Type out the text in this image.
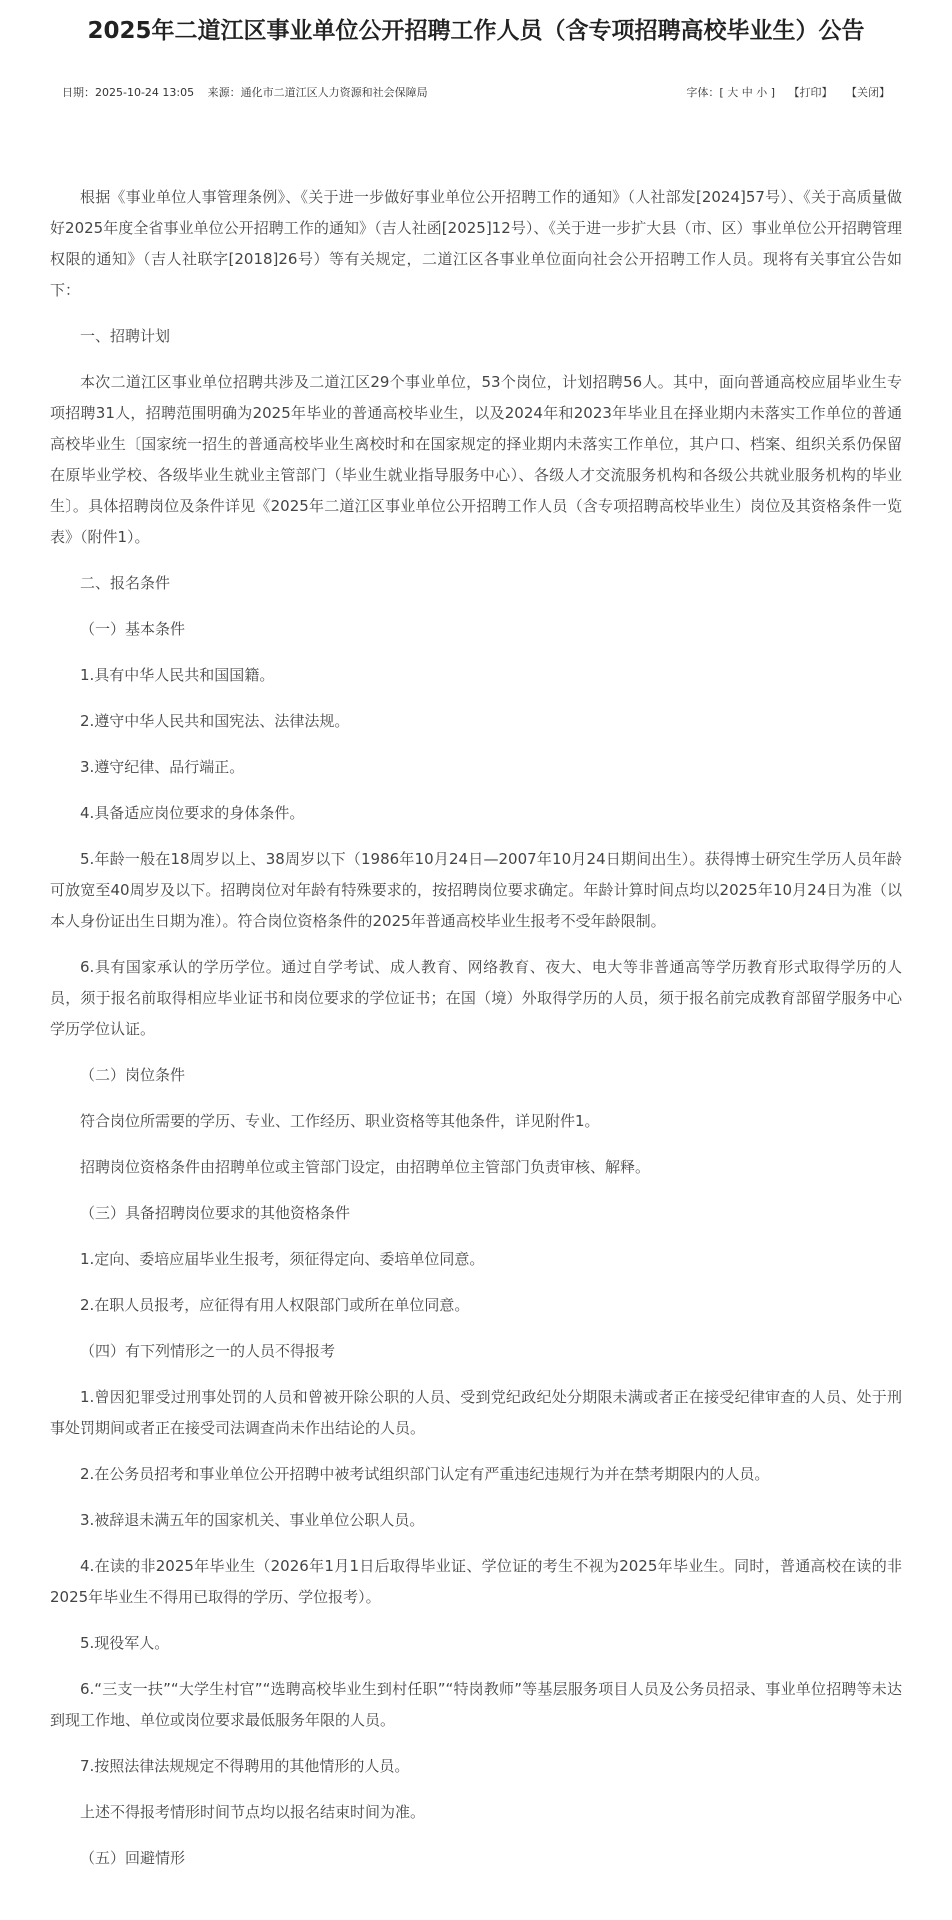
2025年二道江区事业单位公开招聘工作人员（含专项招聘高校毕业生）公告
日期：2025-10-24 13:05 来源：通化市二道江区人力资源和社会保障局	字体：[ 大 中 小 ] 【打印】 【关闭】

根据《事业单位人事管理条例》、《关于进一步做好事业单位公开招聘工作的通知》（人社部发[2024]57号）、《关于高质量做好2025年度全省事业单位公开招聘工作的通知》（吉人社函[2025]12号）、《关于进一步扩大县（市、区）事业单位公开招聘管理权限的通知》（吉人社联字[2018]26号）等有关规定，二道江区各事业单位面向社会公开招聘工作人员。现将有关事宜公告如下：

一、招聘计划

本次二道江区事业单位招聘共涉及二道江区29个事业单位，53个岗位，计划招聘56人。其中，面向普通高校应届毕业生专项招聘31人，招聘范围明确为2025年毕业的普通高校毕业生，以及2024年和2023年毕业且在择业期内未落实工作单位的普通高校毕业生〔国家统一招生的普通高校毕业生离校时和在国家规定的择业期内未落实工作单位，其户口、档案、组织关系仍保留在原毕业学校、各级毕业生就业主管部门（毕业生就业指导服务中心）、各级人才交流服务机构和各级公共就业服务机构的毕业生〕。具体招聘岗位及条件详见《2025年二道江区事业单位公开招聘工作人员（含专项招聘高校毕业生）岗位及其资格条件一览表》（附件1）。

二、报名条件

（一）基本条件

1.具有中华人民共和国国籍。

2.遵守中华人民共和国宪法、法律法规。

3.遵守纪律、品行端正。

4.具备适应岗位要求的身体条件。

5.年龄一般在18周岁以上、38周岁以下（1986年10月24日—2007年10月24日期间出生）。获得博士研究生学历人员年龄可放宽至40周岁及以下。招聘岗位对年龄有特殊要求的，按招聘岗位要求确定。年龄计算时间点均以2025年10月24日为准（以本人身份证出生日期为准）。符合岗位资格条件的2025年普通高校毕业生报考不受年龄限制。

6.具有国家承认的学历学位。通过自学考试、成人教育、网络教育、夜大、电大等非普通高等学历教育形式取得学历的人员，须于报名前取得相应毕业证书和岗位要求的学位证书；在国（境）外取得学历的人员，须于报名前完成教育部留学服务中心学历学位认证。

（二）岗位条件

符合岗位所需要的学历、专业、工作经历、职业资格等其他条件，详见附件1。

招聘岗位资格条件由招聘单位或主管部门设定，由招聘单位主管部门负责审核、解释。

（三）具备招聘岗位要求的其他资格条件

1.定向、委培应届毕业生报考，须征得定向、委培单位同意。

2.在职人员报考，应征得有用人权限部门或所在单位同意。

（四）有下列情形之一的人员不得报考

1.曾因犯罪受过刑事处罚的人员和曾被开除公职的人员、受到党纪政纪处分期限未满或者正在接受纪律审查的人员、处于刑事处罚期间或者正在接受司法调查尚未作出结论的人员。

2.在公务员招考和事业单位公开招聘中被考试组织部门认定有严重违纪违规行为并在禁考期限内的人员。

3.被辞退未满五年的国家机关、事业单位公职人员。

4.在读的非2025年毕业生（2026年1月1日后取得毕业证、学位证的考生不视为2025年毕业生。同时，普通高校在读的非2025年毕业生不得用已取得的学历、学位报考）。

5.现役军人。

6.“三支一扶”“大学生村官”“选聘高校毕业生到村任职”“特岗教师”等基层服务项目人员及公务员招录、事业单位招聘等未达到现工作地、单位或岗位要求最低服务年限的人员。

7.按照法律法规规定不得聘用的其他情形的人员。

上述不得报考情形时间节点均以报名结束时间为准。

（五）回避情形
